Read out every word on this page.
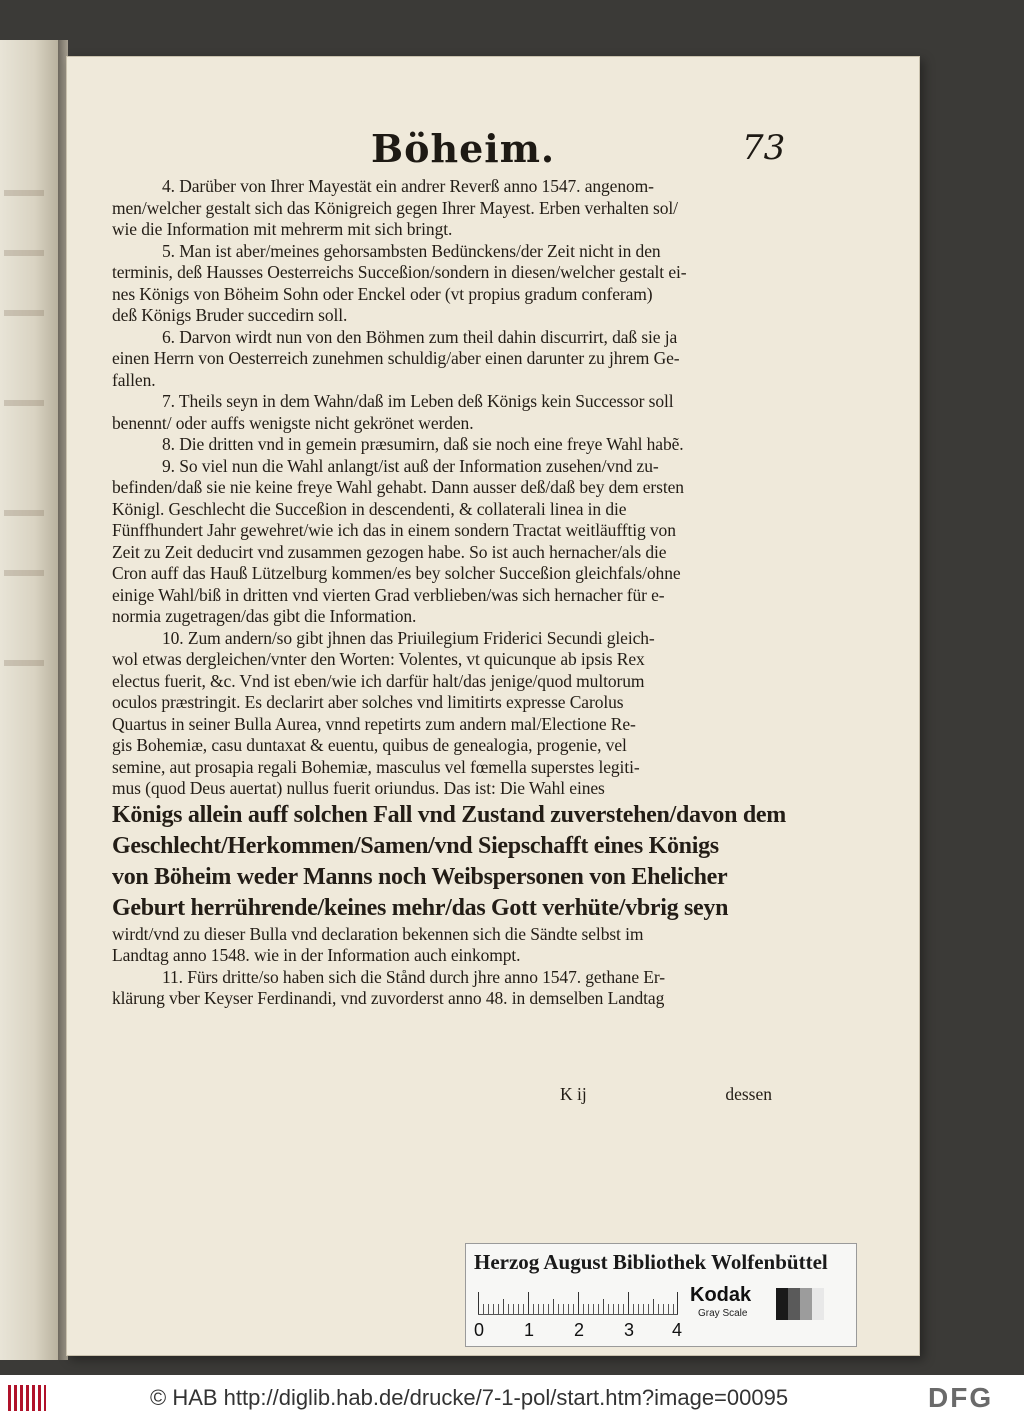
Böheim.	73
4. Darüber von Ihrer Mayestät ein andrer Reverß anno 1547. angenom-
men/welcher gestalt sich das Königreich gegen Ihrer Mayest. Erben verhalten sol/
wie die Information mit mehrerm mit sich bringt.
5. Man ist aber/meines gehorsambsten Bedünckens/der Zeit nicht in den
terminis, deß Hausses Oesterreichs Succeßion/sondern in diesen/welcher gestalt ei-
nes Königs von Böheim Sohn oder Enckel oder (vt propius gradum conferam)
deß Königs Bruder succedirn soll.
6. Darvon wirdt nun von den Böhmen zum theil dahin discurrirt, daß sie ja
einen Herrn von Oesterreich zunehmen schuldig/aber einen darunter zu jhrem Ge-
fallen.
7. Theils seyn in dem Wahn/daß im Leben deß Königs kein Successor soll
benennt/ oder auffs wenigste nicht gekrönet werden.
8. Die dritten vnd in gemein præsumirn, daß sie noch eine freye Wahl habẽ.
9. So viel nun die Wahl anlangt/ist auß der Information zusehen/vnd zu-
befinden/daß sie nie keine freye Wahl gehabt. Dann ausser deß/daß bey dem ersten
Königl. Geschlecht die Succeßion in descendenti, & collaterali linea in die
Fünffhundert Jahr gewehret/wie ich das in einem sondern Tractat weitläufftig von
Zeit zu Zeit deducirt vnd zusammen gezogen habe. So ist auch hernacher/als die
Cron auff das Hauß Lützelburg kommen/es bey solcher Succeßion gleichfals/ohne
einige Wahl/biß in dritten vnd vierten Grad verblieben/was sich hernacher für e-
normia zugetragen/das gibt die Information.
10. Zum andern/so gibt jhnen das Priuilegium Friderici Secundi gleich-
wol etwas dergleichen/vnter den Worten: Volentes, vt quicunque ab ipsis Rex
electus fuerit, &c. Vnd ist eben/wie ich darfür halt/das jenige/quod multorum
oculos præstringit. Es declarirt aber solches vnd limitirts expresse Carolus
Quartus in seiner Bulla Aurea, vnnd repetirts zum andern mal/Electione Re-
gis Bohemiæ, casu duntaxat & euentu, quibus de genealogia, progenie, vel
semine, aut prosapia regali Bohemiæ, masculus vel fœmella superstes legiti-
mus (quod Deus auertat) nullus fuerit oriundus. Das ist: Die Wahl eines
Königs allein auff solchen Fall vnd Zustand zuverstehen/davon dem
Geschlecht/Herkommen/Samen/vnd Siepschafft eines Königs
von Böheim weder Manns noch Weibspersonen von Ehelicher
Geburt herrührende/keines mehr/das Gott verhüte/vbrig seyn
wirdt/vnd zu dieser Bulla vnd declaration bekennen sich die Sändte selbst im
Landtag anno 1548. wie in der Information auch einkompt.
11. Fürs dritte/so haben sich die Stånd durch jhre anno 1547. gethane Er-
klärung vber Keyser Ferdinandi, vnd zuvorderst anno 48. in demselben Landtag
K ij	dessen
Herzog August Bibliothek Wolfenbüttel
0 1 2 3 4
Kodak
Gray Scale
© HAB http://diglib.hab.de/drucke/7-1-pol/start.htm?image=00095	DFG
